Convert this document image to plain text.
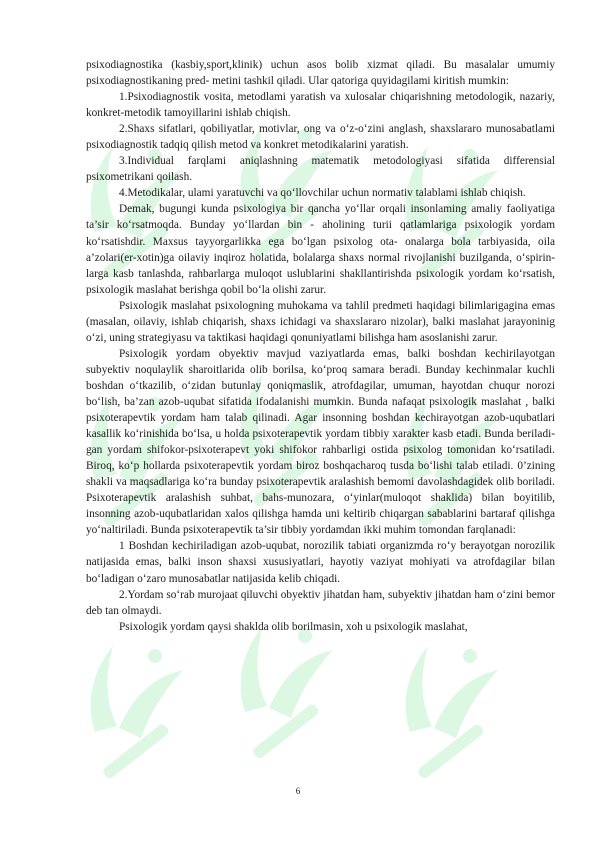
psixodiagnostika (kasbiy,sport,klinik) uchun asos bolib xizmat qiladi. Bu masalalar umumiy psixodiagnostikaning pred- metini tashkil qiladi. Ular qatoriga quyidagilami kiritish mumkin:

1.Psixodiagnostik vosita, metodlami yaratish va xulosalar chiqarishning metodologik, nazariy, konkret-metodik tamoyillarini ishlab chiqish.

2.Shaxs sifatlari, qobiliyatlar, motivlar, ong va o‘z-o‘zini anglash, shaxslararo munosabatlami psixodiagnostik tadqiq qilish metod va konkret metodikalarini yaratish.

3.Individual farqlami aniqlashning matematik metodologiyasi sifatida differensial psixometrikani qoilash.

4.Metodikalar, ulami yaratuvchi va qo‘llovchilar uchun normativ talablami ishlab chiqish.

Demak, bugungi kunda psixologiya bir qancha yo‘llar orqali insonlaming amaliy faoliyatiga ta’sir ko‘rsatmoqda. Bunday yo‘llardan bin - aholining turii qatlamlariga psixologik yordam ko‘rsatishdir. Maxsus tayyorgarlikka ega bo‘lgan psixolog ota- onalarga bola tarbiyasida, oila a’zolari(er-xotin)ga oilaviy inqiroz holatida, bolalarga shaxs normal rivojlanishi buzilganda, o‘spirin- larga kasb tanlashda, rahbarlarga muloqot uslublarini shakllantirishda psixologik yordam ko‘rsatish, psixologik maslahat berishga qobil bo‘la olishi zarur.

Psixologik maslahat psixologning muhokama va tahlil predmeti haqidagi bilimlarigagina emas (masalan, oilaviy, ishlab chiqarish, shaxs ichidagi va shaxslararo nizolar), balki maslahat jarayoninig o‘zi, uning strategiyasu va taktikasi haqidagi qonuniyatlami bilishga ham asoslanishi zarur.

Psixologik yordam obyektiv mavjud vaziyatlarda emas, balki boshdan kechirilayotgan subyektiv noqulaylik sharoitlarida olib borilsa, ko‘proq samara beradi. Bunday kechinmalar kuchli boshdan o‘tkazilib, o‘zidan butunlay qoniqmaslik, atrofdagilar, umuman, hayotdan chuqur norozi bo‘lish, ba’zan azob-uqubat sifatida ifodalanishi mumkin. Bunda nafaqat psixologik maslahat , balki psixoterapevtik yordam ham talab qilinadi. Agar insonning boshdan kechirayotgan azob-uqubatlari kasallik ko‘rinishida bo‘lsa, u holda psixoterapevtik yordam tibbiy xarakter kasb etadi. Bunda beriladi- gan yordam shifokor-psixoterapevt yoki shifokor rahbarligi ostida psixolog tomonidan ko‘rsatiladi. Biroq, ko‘p hollarda psixoterapevtik yordam biroz boshqacharoq tusda bo‘lishi talab etiladi. 0’zining shakli va maqsadlariga ko‘ra bunday psixoterapevtik aralashish bemomi davolashdagidek olib boriladi. Psixoterapevtik aralashish suhbat, bahs-munozara, o‘yinlar(muloqot shaklida) bilan boyitilib, insonning azob-uqubatlaridan xalos qilishga hamda uni keltirib chiqargan sabablarini bartaraf qilishga yo‘naltiriladi. Bunda psixoterapevtik ta’sir tibbiy yordamdan ikki muhim tomondan farqlanadi:

1 Boshdan kechiriladigan azob-uqubat, norozilik tabiati organizmda ro‘y berayotgan norozilik natijasida emas, balki inson shaxsi xususiyatlari, hayotiy vaziyat mohiyati va atrofdagilar bilan bo‘ladigan o‘zaro munosabatlar natijasida kelib chiqadi.

2.Yordam so‘rab murojaat qiluvchi obyektiv jihatdan ham, subyektiv jihatdan ham o‘zini bemor deb tan olmaydi.

Psixologik yordam qaysi shaklda olib borilmasin, xoh u psixologik maslahat,

6
